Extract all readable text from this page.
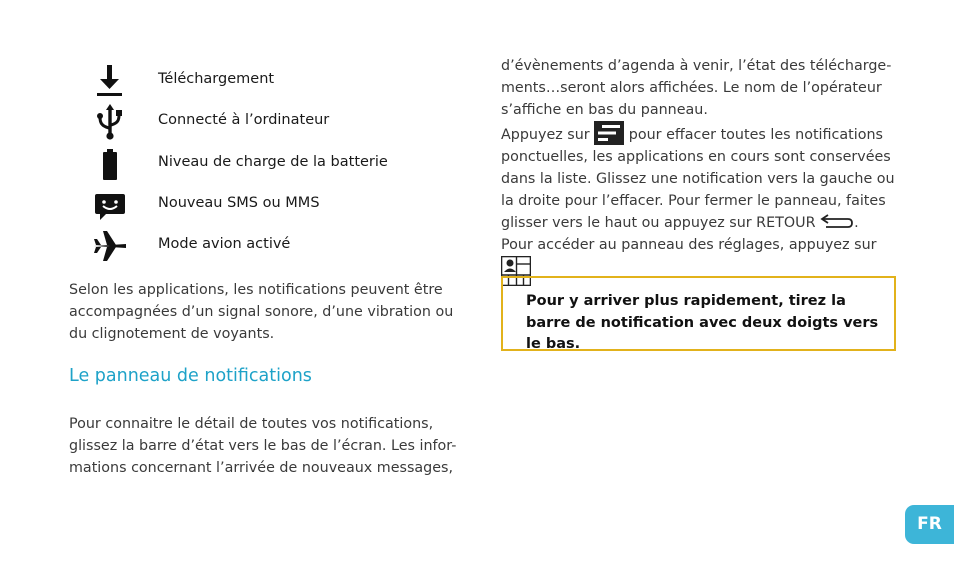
Téléchargement
Connecté à l’ordinateur
Niveau de charge de la batterie
Nouveau SMS ou MMS
Mode avion activé
Selon les applications, les notifications peuvent être
accompagnées d’un signal sonore, d’une vibration ou
du clignotement de voyants.
Le panneau de notifications
Pour connaitre le détail de toutes vos notifications,
glissez la barre d’état vers le bas de l’écran. Les infor-
mations concernant l’arrivée de nouveaux messages,
d’évènements d’agenda à venir, l’état des télécharge-
ments…seront alors affichées. Le nom de l’opérateur
s’affiche en bas du panneau.
Appuyez sur	pour effacer toutes les notifications
ponctuelles, les applications en cours sont conservées
dans la liste. Glissez une notification vers la gauche ou
la droite pour l’effacer. Pour fermer le panneau, faites
glisser vers le haut ou appuyez sur RETOUR	.
Pour accéder au panneau des réglages, appuyez sur
.

Pour y arriver plus rapidement, tirez la barre de notification avec deux doigts vers le bas.

FR
